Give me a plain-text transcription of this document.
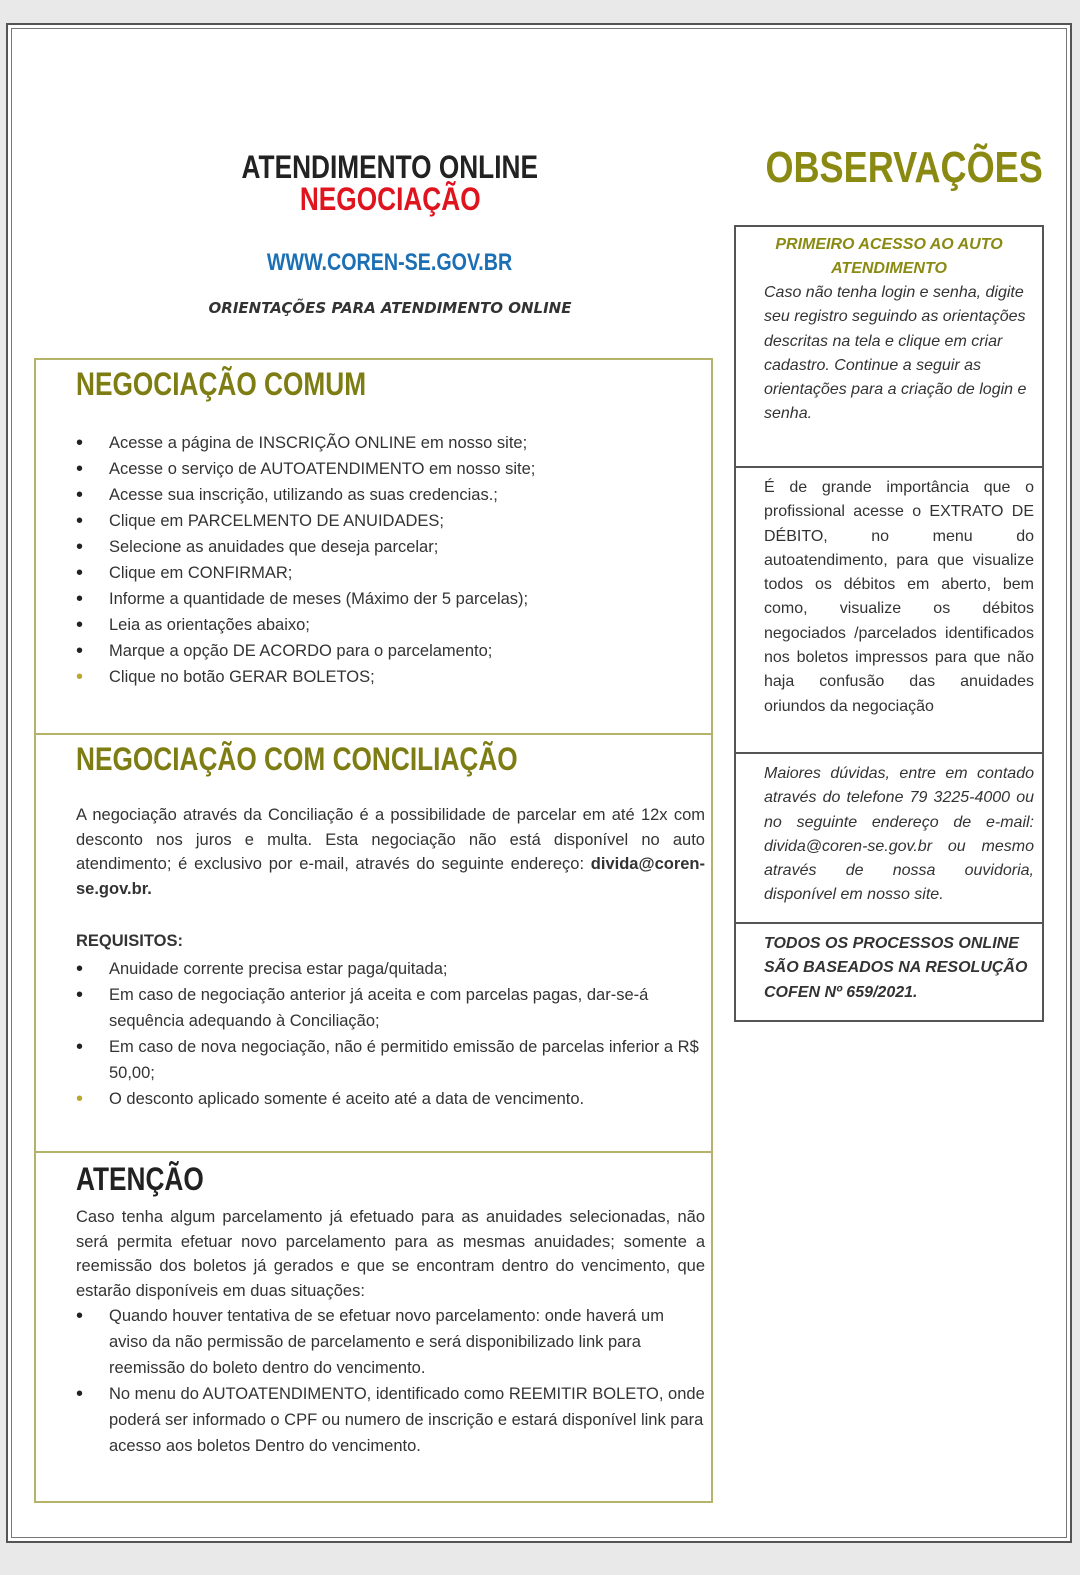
ATENDIMENTO ONLINE
NEGOCIAÇÃO
WWW.COREN-SE.GOV.BR
ORIENTAÇÕES PARA ATENDIMENTO ONLINE
OBSERVAÇÕES
NEGOCIAÇÃO COMUM
• Acesse a página de INSCRIÇÃO ONLINE em nosso site;
• Acesse o serviço de AUTOATENDIMENTO em nosso site;
• Acesse sua inscrição, utilizando as suas credencias.;
• Clique em PARCELMENTO DE ANUIDADES;
• Selecione as anuidades que deseja parcelar;
• Clique em CONFIRMAR;
• Informe a quantidade de meses (Máximo der 5 parcelas);
• Leia as orientações abaixo;
• Marque a opção DE ACORDO para o parcelamento;
• Clique no botão GERAR BOLETOS;
NEGOCIAÇÃO COM CONCILIAÇÃO
A negociação através da Conciliação é a possibilidade de parcelar em até 12x com desconto nos juros e multa. Esta negociação não está disponível no auto atendimento; é exclusivo por e-mail, através do seguinte endereço: divida@coren-se.gov.br.
REQUISITOS:
• Anuidade corrente precisa estar paga/quitada;
• Em caso de negociação anterior já aceita e com parcelas pagas, dar-se-á sequência adequando à Conciliação;
• Em caso de nova negociação, não é permitido emissão de parcelas inferior a R$ 50,00;
• O desconto aplicado somente é aceito até a data de vencimento.
ATENÇÃO
Caso tenha algum parcelamento já efetuado para as anuidades selecionadas, não será permita efetuar novo parcelamento para as mesmas anuidades; somente a reemissão dos boletos já gerados e que se encontram dentro do vencimento, que estarão disponíveis em duas situações:
• Quando houver tentativa de se efetuar novo parcelamento: onde haverá um aviso da não permissão de parcelamento e será disponibilizado link para reemissão do boleto dentro do vencimento.
• No menu do AUTOATENDIMENTO, identificado como REEMITIR BOLETO, onde poderá ser informado o CPF ou numero de inscrição e estará disponível link para acesso aos boletos Dentro do vencimento.
PRIMEIRO ACESSO AO AUTO ATENDIMENTO
Caso não tenha login e senha, digite seu registro seguindo as orientações descritas na tela e clique em criar cadastro. Continue a seguir as orientações para a criação de login e senha.
É de grande importância que o profissional acesse o EXTRATO DE DÉBITO, no menu do autoatendimento, para que visualize todos os débitos em aberto, bem como, visualize os débitos negociados /parcelados identificados nos boletos impressos para que não haja confusão das anuidades oriundos da negociação
Maiores dúvidas, entre em contado através do telefone 79 3225-4000 ou no seguinte endereço de e-mail: divida@coren-se.gov.br ou mesmo através de nossa ouvidoria, disponível em nosso site.
TODOS OS PROCESSOS ONLINE SÃO BASEADOS NA RESOLUÇÃO COFEN Nº 659/2021.
